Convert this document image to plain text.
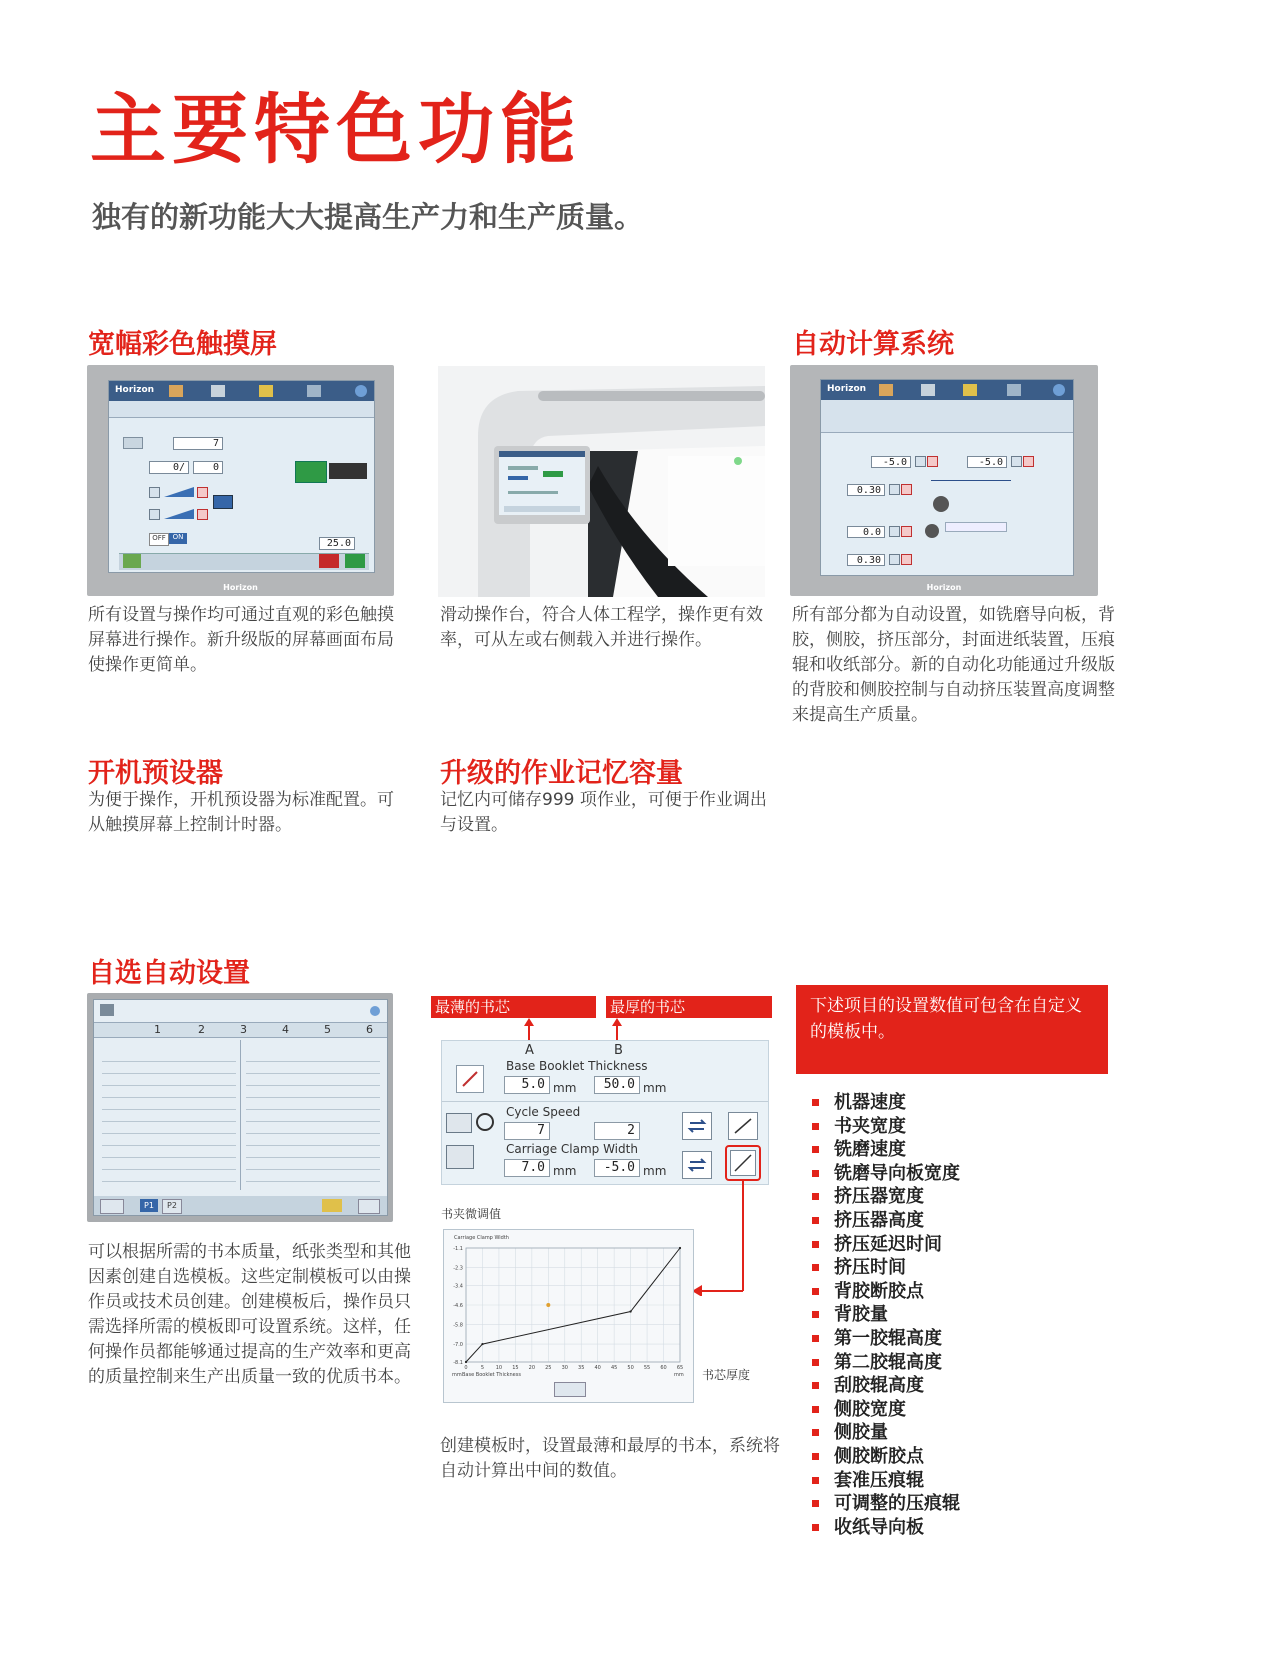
主要特色功能
独有的新功能大大提高生产力和生产质量。
宽幅彩色触摸屏
Horizon
7
0/	0
OFF ON
25.0
Horizon

所有设置与操作均可通过直观的彩色触摸屏幕进行操作。新升级版的屏幕画面布局使操作更简单。

滑动操作台，符合人体工程学，操作更有效率，可从左或右侧载入并进行操作。

自动计算系统
Horizon
-5.0	-5.0
0.30
0.0
0.30
Horizon

所有部分都为自动设置，如铣磨导向板，背胶，侧胶，挤压部分，封面进纸装置，压痕辊和收纸部分。新的自动化功能通过升级版的背胶和侧胶控制与自动挤压装置高度调整来提高生产质量。

开机预设器

为便于操作，开机预设器为标准配置。可从触摸屏幕上控制计时器。

升级的作业记忆容量

记忆内可储存999 项作业，可便于作业调出与设置。

自选自动设置
1	2	3	4	5	6
P1	P2

可以根据所需的书本质量，纸张类型和其他因素创建自选模板。这些定制模板可以由操作员或技术员创建。创建模板后，操作员只需选择所需的模板即可设置系统。这样，任何操作员都能够通过提高的生产效率和更高的质量控制来生产出质量一致的优质书本。

最薄的书芯	最厚的书芯
A	B
Base Booklet Thickness
5.0 mm	50.0 mm
Cycle Speed
7	2
Carriage Clamp Width
7.0 mm	-5.0 mm
书夹微调值
Carriage Clamp Width
0	5 10 15 20 25 30 35 40 45 50 55 60 65
-8.1
-7.0
-5.8
-4.6
-3.4
-2.3
-1.1
mm	mm
Base Booklet Thickness	书芯厚度

创建模板时，设置最薄和最厚的书本，系统将自动计算出中间的数值。

下述项目的设置数值可包含在自定义的模板中。
机器速度
书夹宽度
铣磨速度
铣磨导向板宽度
挤压器宽度
挤压器高度
挤压延迟时间
挤压时间
背胶断胶点
背胶量
第一胶辊高度
第二胶辊高度
刮胶辊高度
侧胶宽度
侧胶量
侧胶断胶点
套准压痕辊
可调整的压痕辊
收纸导向板
